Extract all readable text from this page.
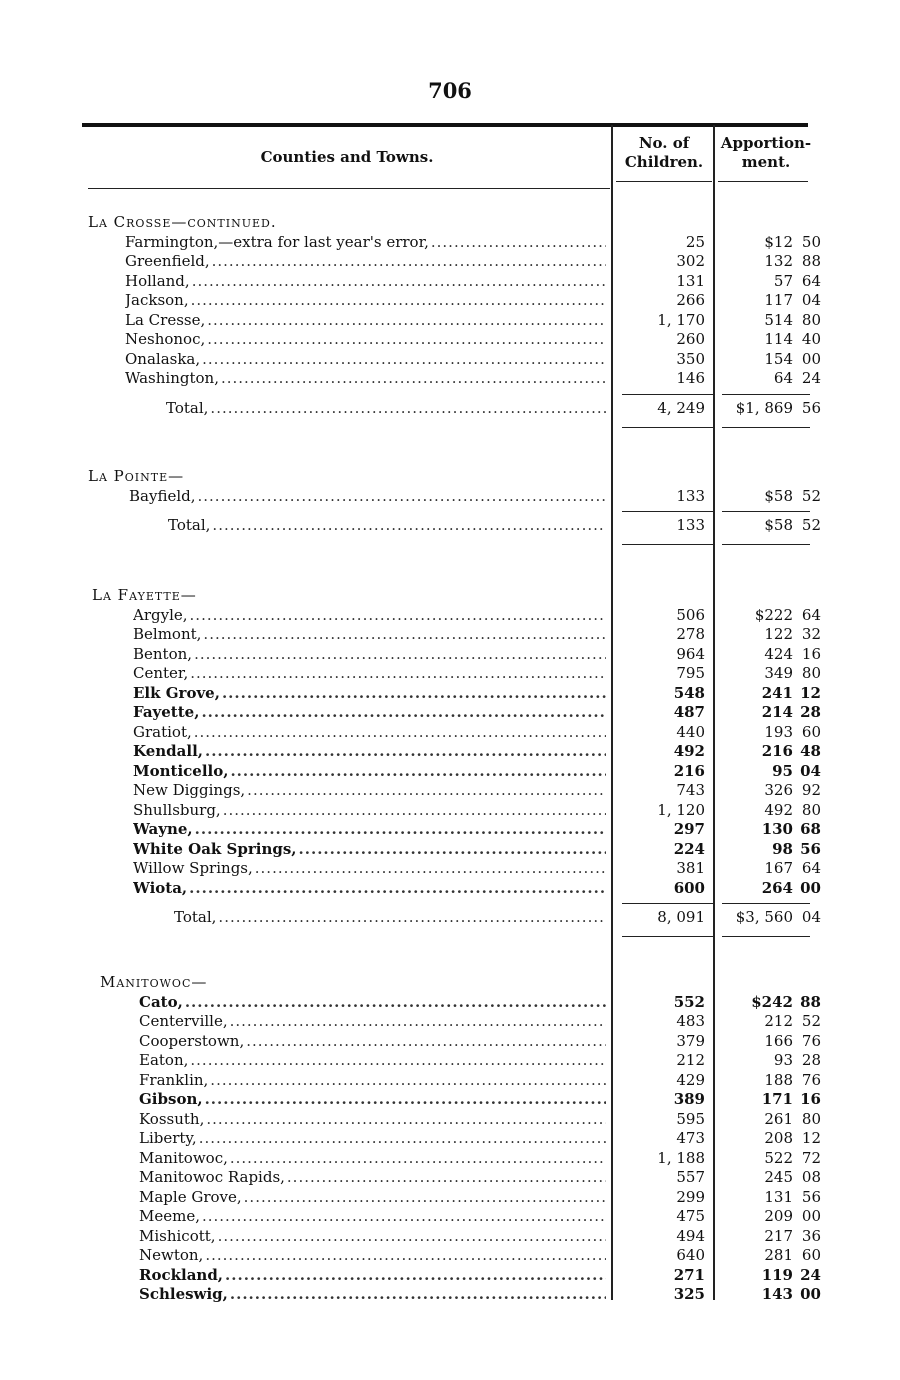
706
Counties and Towns.
No. of
Children.
Apportion-
ment.
La Crosse—continued.
Farmington,—extra for last year's error, .....	25	$12 50
Greenfield, .....	302	132 88
Holland, .....	131	57 64
Jackson, .....	266	117 04
La Cresse, .....	1, 170	514 80
Neshonoc, .....	260	114 40
Onalaska, .....	350	154 00
Washington, .....	146	64 24
Total, .....	4, 249	$1, 869 56
La Pointe—
Bayfield, .....	133	$58 52
Total, .....	133	$58 52
La Fayette—
Argyle, .....	506	$222 64
Belmont, .....	278	122 32
Benton, .....	964	424 16
Center, .....	795	349 80
Elk Grove, .....	548	241 12
Fayette, .....	487	214 28
Gratiot, .....	440	193 60
Kendall, .....	492	216 48
Monticello, .....	216	95 04
New Diggings, .....	743	326 92
Shullsburg, .....	1, 120	492 80
Wayne, .....	297	130 68
White Oak Springs, .....	224	98 56
Willow Springs, .....	381	167 64
Wiota, .....	600	264 00
Total, .....	8, 091	$3, 560 04
Manitowoc—
Cato, .....	552	$242 88
Centerville, .....	483	212 52
Cooperstown, .....	379	166 76
Eaton, .....	212	93 28
Franklin, .....	429	188 76
Gibson, .....	389	171 16
Kossuth, .....	595	261 80
Liberty, .....	473	208 12
Manitowoc, .....	1, 188	522 72
Manitowoc Rapids, .....	557	245 08
Maple Grove, .....	299	131 56
Meeme, .....	475	209 00
Mishicott, .....	494	217 36
Newton, .....	640	281 60
Rockland, .....	271	119 24
Schleswig, .....	325	143 00
